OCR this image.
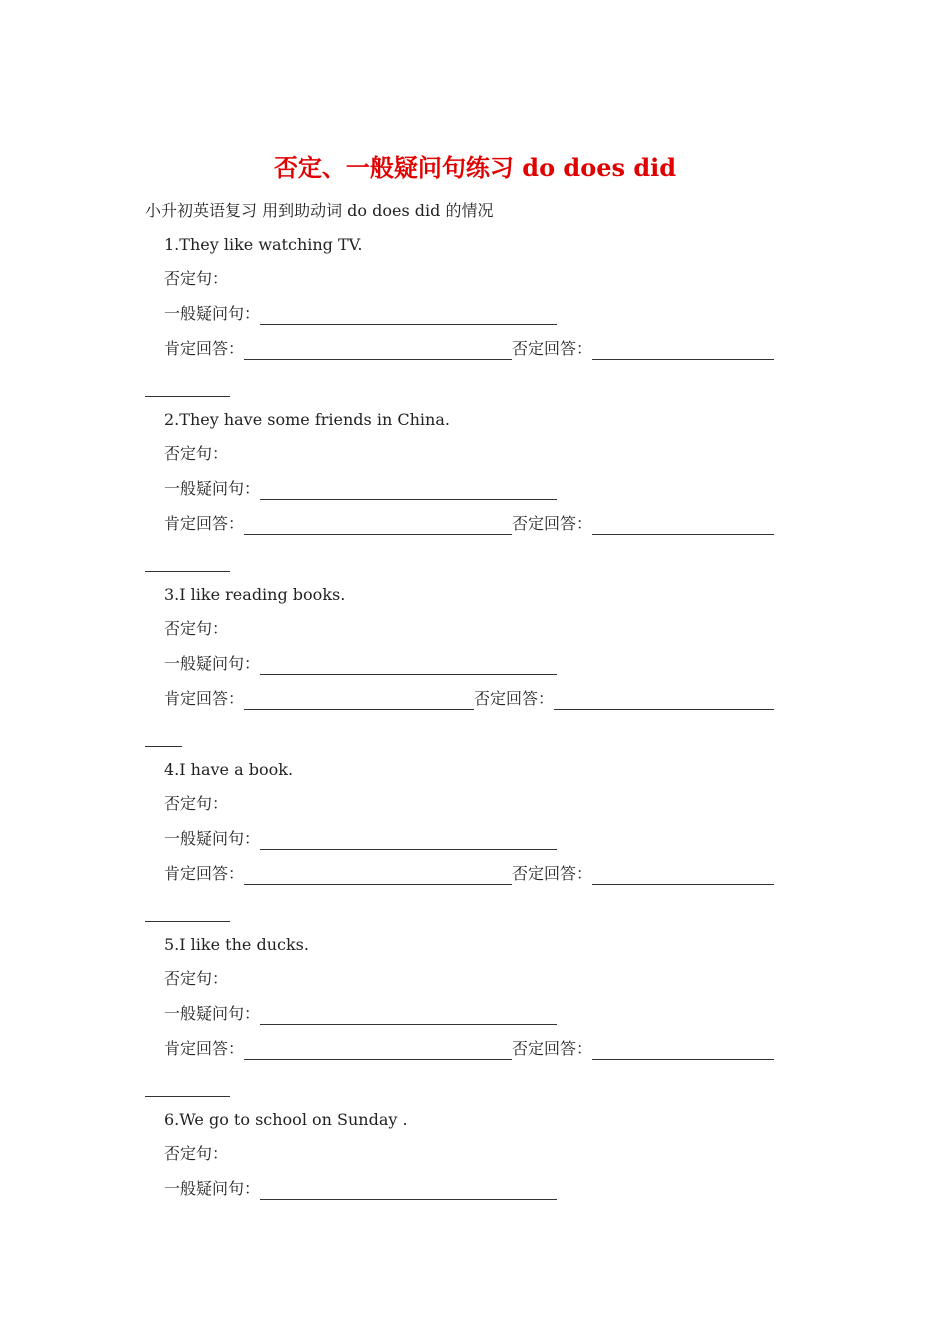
否定、一般疑问句练习 do does did
小升初英语复习 用到助动词 do does did 的情况
1.They like watching TV.
否定句：
一般疑问句：
肯定回答：	否定回答：
2.They have some friends in China.
否定句：
一般疑问句：
肯定回答：	否定回答：
3.I like reading books.
否定句：
一般疑问句：
肯定回答：	否定回答：
4.I have a book.
否定句：
一般疑问句：
肯定回答：	否定回答：
5.I like the ducks.
否定句：
一般疑问句：
肯定回答：	否定回答：
6.We go to school on Sunday .
否定句：
一般疑问句：
